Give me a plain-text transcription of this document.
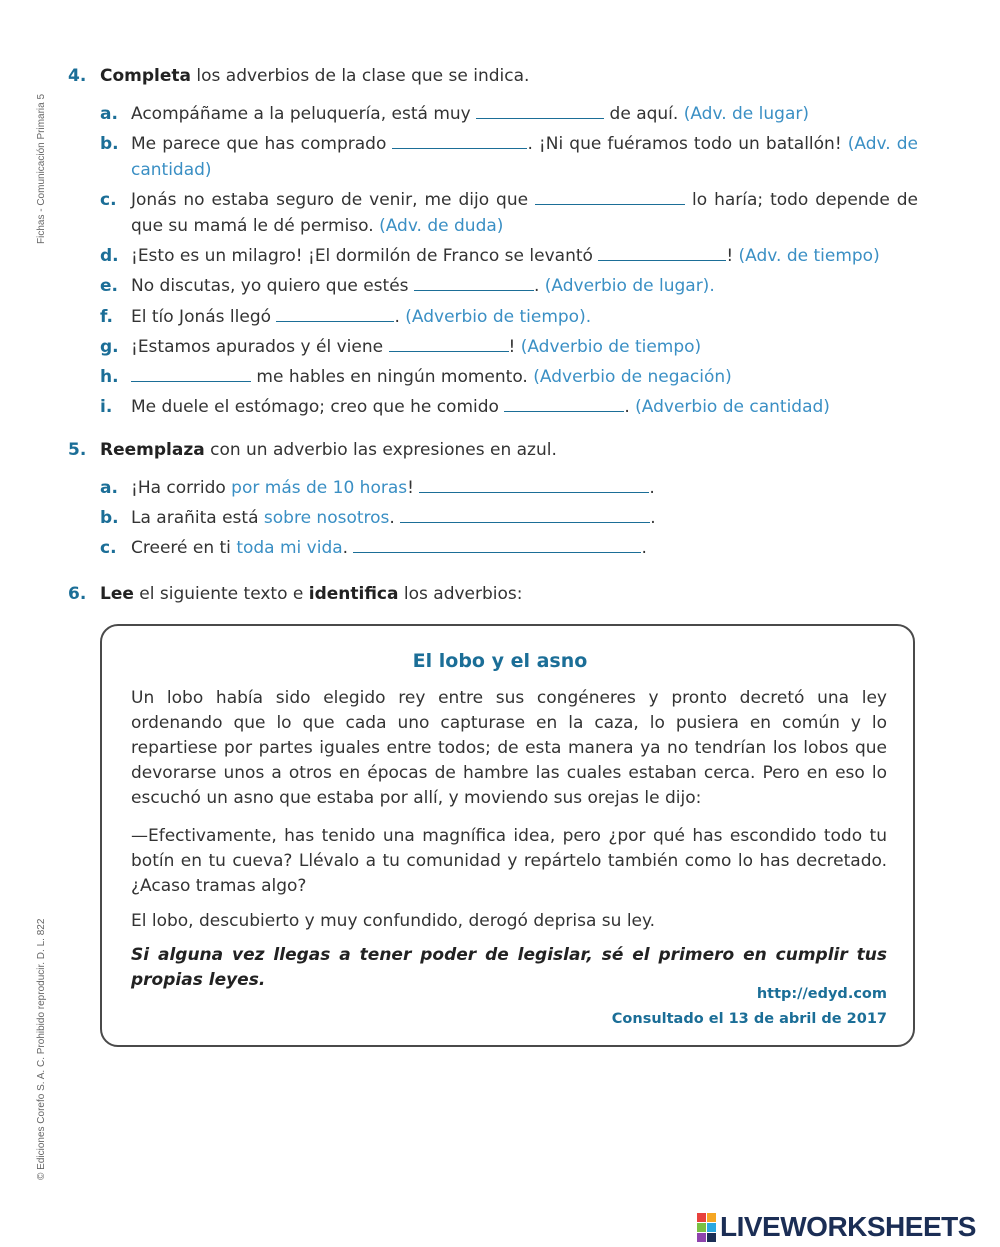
Fichas - Comunicación Primaria 5
© Ediciones Corefo S. A. C. Prohibido reproducir. D. L. 822
4. Completa los adverbios de la clase que se indica.
a. Acompáñame a la peluquería, está muy	de aquí. (Adv. de lugar)
b. Me parece que has comprado	. ¡Ni que fuéramos todo un batallón! (Adv. de cantidad)
c. Jonás no estaba seguro de venir, me dijo que	lo haría; todo depende de que su mamá le dé permiso. (Adv. de duda)
d. ¡Esto es un milagro! ¡El dormilón de Franco se levantó	! (Adv. de tiempo)
e. No discutas, yo quiero que estés	. (Adverbio de lugar).
f. El tío Jonás llegó	. (Adverbio de tiempo).
g. ¡Estamos apurados y él viene	! (Adverbio de tiempo)
h.	me hables en ningún momento. (Adverbio de negación)
i. Me duele el estómago; creo que he comido	. (Adverbio de cantidad)
5. Reemplaza con un adverbio las expresiones en azul.
a. ¡Ha corrido por más de 10 horas!	.
b. La arañita está sobre nosotros.	.
c. Creeré en ti toda mi vida.	.
6. Lee el siguiente texto e identifica los adverbios:
El lobo y el asno
Un lobo había sido elegido rey entre sus congéneres y pronto decretó una ley ordenando que lo que cada uno capturase en la caza, lo pusiera en común y lo repartiese por partes iguales entre todos; de esta manera ya no tendrían los lobos que devorarse unos a otros en épocas de hambre las cuales estaban cerca. Pero en eso lo escuchó un asno que estaba por allí, y moviendo sus orejas le dijo:
—Efectivamente, has tenido una magnífica idea, pero ¿por qué has escondido todo tu botín en tu cueva? Llévalo a tu comunidad y repártelo también como lo has decretado. ¿Acaso tramas algo?
El lobo, descubierto y muy confundido, derogó deprisa su ley.
Si alguna vez llegas a tener poder de legislar, sé el primero en cumplir tus propias leyes.
http://edyd.com
Consultado el 13 de abril de 2017
LIVEWORKSHEETS
